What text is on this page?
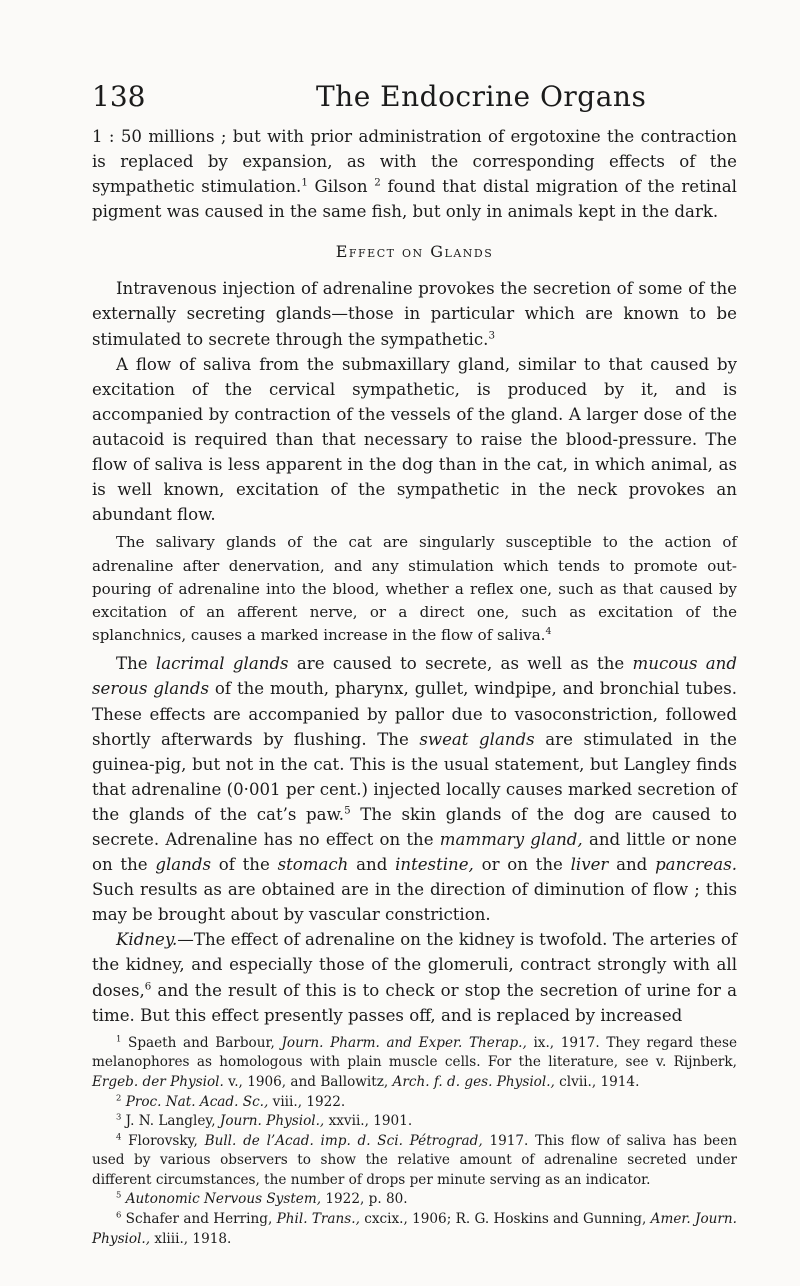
138	The Endocrine Organs

1 : 50 millions ; but with prior administration of ergotoxine the contraction is replaced by expansion, as with the corresponding effects of the sympathetic stimulation.$^1$ Gilson $^2$ found that distal migration of the retinal pigment was caused in the same fish, but only in animals kept in the dark.

Effect on Glands

Intravenous injection of adrenaline provokes the secretion of some of the externally secreting glands—those in particular which are known to be stimulated to secrete through the sympathetic.$^3$

A flow of saliva from the submaxillary gland, similar to that caused by excitation of the cervical sympathetic, is produced by it, and is accompanied by contraction of the vessels of the gland. A larger dose of the autacoid is required than that necessary to raise the blood-pressure. The flow of saliva is less apparent in the dog than in the cat, in which animal, as is well known, excitation of the sympathetic in the neck provokes an abundant flow.

The salivary glands of the cat are singularly susceptible to the action of adrenaline after denervation, and any stimulation which tends to promote out-pouring of adrenaline into the blood, whether a reflex one, such as that caused by excitation of an afferent nerve, or a direct one, such as excitation of the splanchnics, causes a marked increase in the flow of saliva.$^4$

The lacrimal glands are caused to secrete, as well as the mucous and serous glands of the mouth, pharynx, gullet, windpipe, and bronchial tubes. These effects are accompanied by pallor due to vasoconstriction, followed shortly afterwards by flushing. The sweat glands are stimulated in the guinea-pig, but not in the cat. This is the usual statement, but Langley finds that adrenaline (0·001 per cent.) injected locally causes marked secretion of the glands of the cat’s paw.$^5$ The skin glands of the dog are caused to secrete. Adrenaline has no effect on the mammary gland, and little or none on the glands of the stomach and intestine, or on the liver and pancreas. Such results as are obtained are in the direction of diminution of flow ; this may be brought about by vascular constriction.

Kidney.—The effect of adrenaline on the kidney is twofold. The arteries of the kidney, and especially those of the glomeruli, contract strongly with all doses,$^6$ and the result of this is to check or stop the secretion of urine for a time. But this effect presently passes off, and is replaced by increased

$^1$ Spaeth and Barbour, Journ. Pharm. and Exper. Therap., ix., 1917. They regard these melanophores as homologous with plain muscle cells. For the literature, see v. Rijnberk, Ergeb. der Physiol. v., 1906, and Ballowitz, Arch. f. d. ges. Physiol., clvii., 1914.

$^2$ Proc. Nat. Acad. Sc., viii., 1922.

$^3$ J. N. Langley, Journ. Physiol., xxvii., 1901.

$^4$ Florovsky, Bull. de l’Acad. imp. d. Sci. Pétrograd, 1917. This flow of saliva has been used by various observers to show the relative amount of adrenaline secreted under different circumstances, the number of drops per minute serving as an indicator.

$^5$ Autonomic Nervous System, 1922, p. 80.

$^6$ Schafer and Herring, Phil. Trans., cxcix., 1906; R. G. Hoskins and Gunning, Amer. Journ. Physiol., xliii., 1918.
